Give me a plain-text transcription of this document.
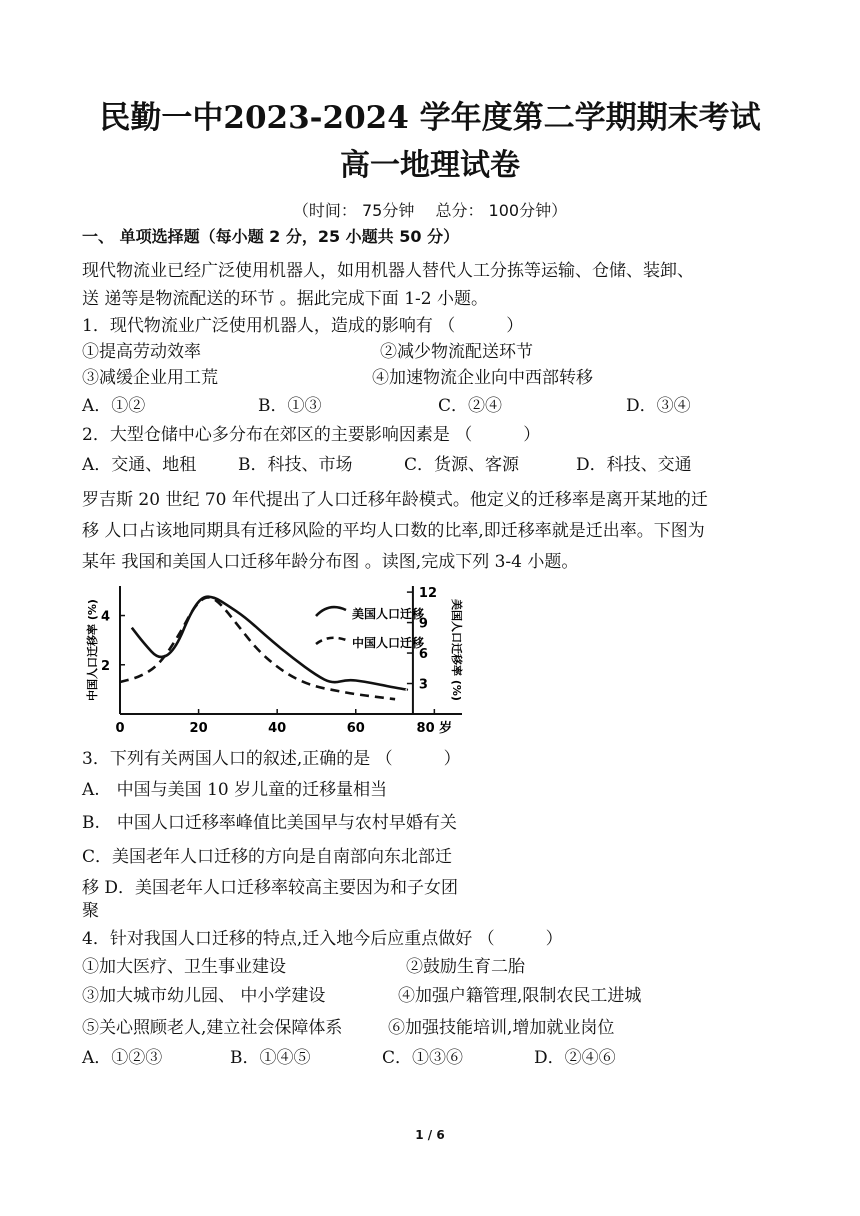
民勤一中2023-2024 学年度第二学期期末考试
高一地理试卷
（时间： 75分钟　 总分： 100分钟）
一、 单项选择题（每小题 2 分，25 小题共 50 分）
现代物流业已经广泛使用机器人，如用机器人替代人工分拣等运输、仓储、装卸、
送 递等是物流配送的环节 。据此完成下面 1-2 小题。
1．现代物流业广泛使用机器人，造成的影响有 （　　　）
①提高劳动效率	②减少物流配送环节
③减缓企业用工荒	④加速物流企业向中西部转移
A．①②	B．①③	C．②④	D．③④
2．大型仓储中心多分布在郊区的主要影响因素是 （　　　）
A．交通、地租 B．科技、市场	C．货源、客源	D．科技、交通
罗吉斯 20 世纪 70 年代提出了人口迁移年龄模式。他定义的迁移率是离开某地的迁
移 人口占该地同期具有迁移风险的平均人口数的比率,即迁移率就是迁出率。下图为
某年 我国和美国人口迁移年龄分布图 。读图,完成下列 3-4 小题。
0	20	40	60	80 岁
2
4
3
6
9
12
中国人口迁移率 (%)	美国人口迁移率 (%)
美国人口迁移
中国人口迁移
3．下列有关两国人口的叙述,正确的是 （　　　）
A.　中国与美国 10 岁儿童的迁移量相当
B.　中国人口迁移率峰值比美国早与农村早婚有关
C．美国老年人口迁移的方向是自南部向东北部迁
移 D．美国老年人口迁移率较高主要因为和子女团
聚
4．针对我国人口迁移的特点,迁入地今后应重点做好 （　　　）
①加大医疗、卫生事业建设	②鼓励生育二胎
③加大城市幼儿园、 中小学建设	④加强户籍管理,限制农民工进城
⑤关心照顾老人,建立社会保障体系	⑥加强技能培训,增加就业岗位
A．①②③	B．①④⑤	C．①③⑥	D．②④⑥
1 / 6
